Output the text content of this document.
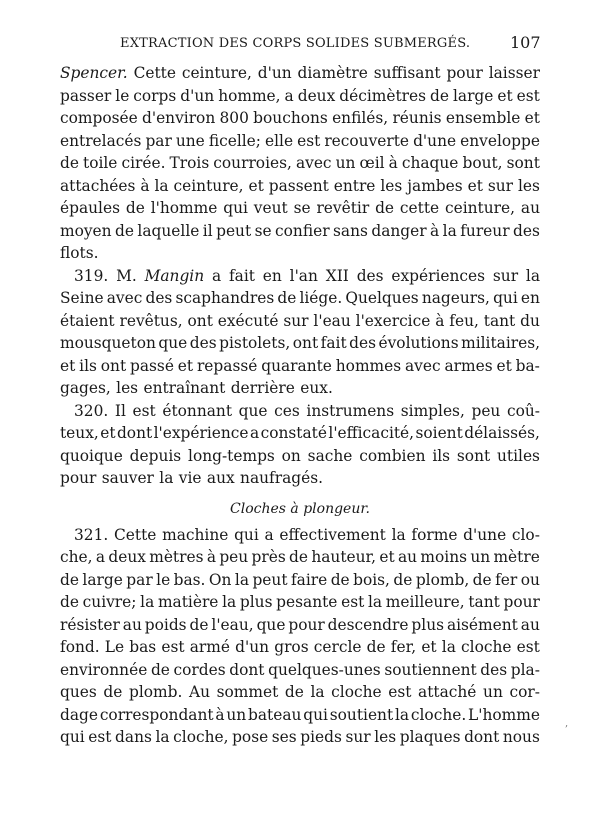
EXTRACTION DES CORPS SOLIDES SUBMERGÉS.	107
Spencer. Cette ceinture, d'un diamètre suffisant pour laisser
passer le corps d'un homme, a deux décimètres de large et est
composée d'environ 800 bouchons enfilés, réunis ensemble et
entrelacés par une ficelle; elle est recouverte d'une enveloppe
de toile cirée. Trois courroies, avec un œil à chaque bout, sont
attachées à la ceinture, et passent entre les jambes et sur les
épaules de l'homme qui veut se revêtir de cette ceinture, au
moyen de laquelle il peut se confier sans danger à la fureur des
flots.
319. M. Mangin a fait en l'an XII des expériences sur la
Seine avec des scaphandres de liége. Quelques nageurs, qui en
étaient revêtus, ont exécuté sur l'eau l'exercice à feu, tant du
mousqueton que des pistolets, ont fait des évolutions militaires,
et ils ont passé et repassé quarante hommes avec armes et ba-
gages, les entraînant derrière eux.
320. Il est étonnant que ces instrumens simples, peu coû-
teux, et dont l'expérience a constaté l'efficacité, soient délaissés,
quoique depuis long-temps on sache combien ils sont utiles
pour sauver la vie aux naufragés.
Cloches à plongeur.
321. Cette machine qui a effectivement la forme d'une clo-
che, a deux mètres à peu près de hauteur, et au moins un mètre
de large par le bas. On la peut faire de bois, de plomb, de fer ou
de cuivre; la matière la plus pesante est la meilleure, tant pour
résister au poids de l'eau, que pour descendre plus aisément au
fond. Le bas est armé d'un gros cercle de fer, et la cloche est
environnée de cordes dont quelques-unes soutiennent des pla-
ques de plomb. Au sommet de la cloche est attaché un cor-
dage correspondant à un bateau qui soutient la cloche. L'homme
qui est dans la cloche, pose ses pieds sur les plaques dont nous
,
